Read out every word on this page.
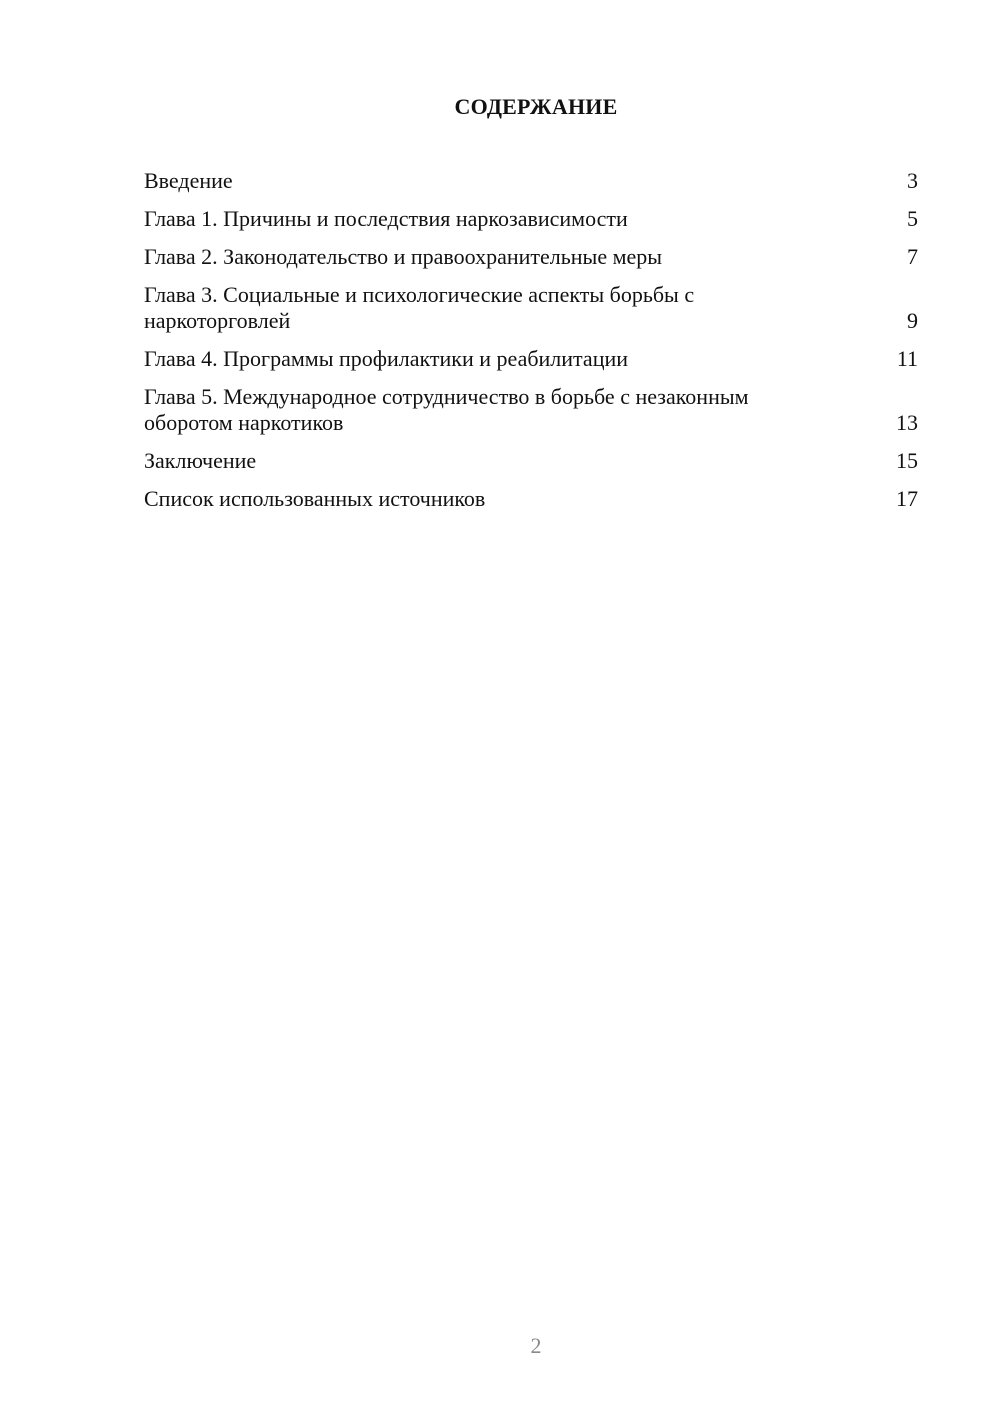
СОДЕРЖАНИЕ
Введение	3
Глава 1. Причины и последствия наркозависимости	5
Глава 2. Законодательство и правоохранительные меры	7
Глава 3. Социальные и психологические аспекты борьбы с наркоторговлей	9
Глава 4. Программы профилактики и реабилитации	11
Глава 5. Международное сотрудничество в борьбе с незаконным оборотом наркотиков	13
Заключение	15
Список использованных источников	17
2
